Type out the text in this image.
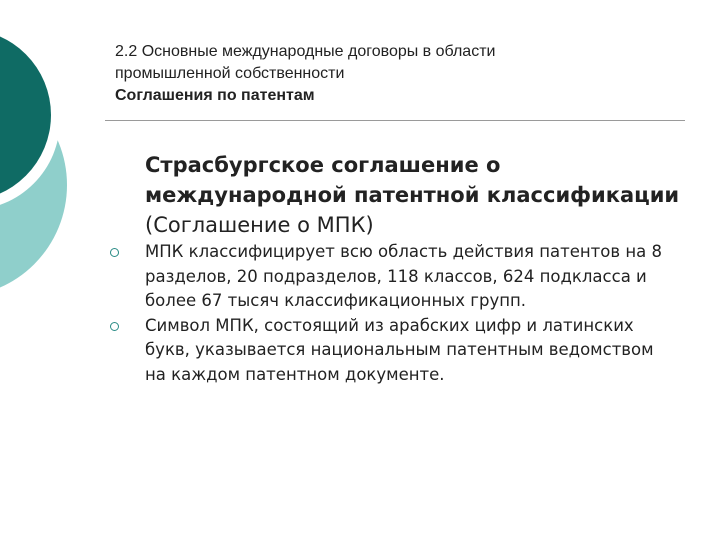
2.2 Основные международные договоры в области
промышленной собственности
Соглашения по патентам

Страсбургское соглашение о международной патентной классификации (Соглашение о МПК)

МПК классифицирует всю область действия патентов на 8 разделов, 20 подразделов, 118 классов, 624 подкласса и более 67 тысяч классификационных групп.
Символ МПК, состоящий из арабских цифр и латинских букв, указывается национальным патентным ведомством на каждом патентном документе.
